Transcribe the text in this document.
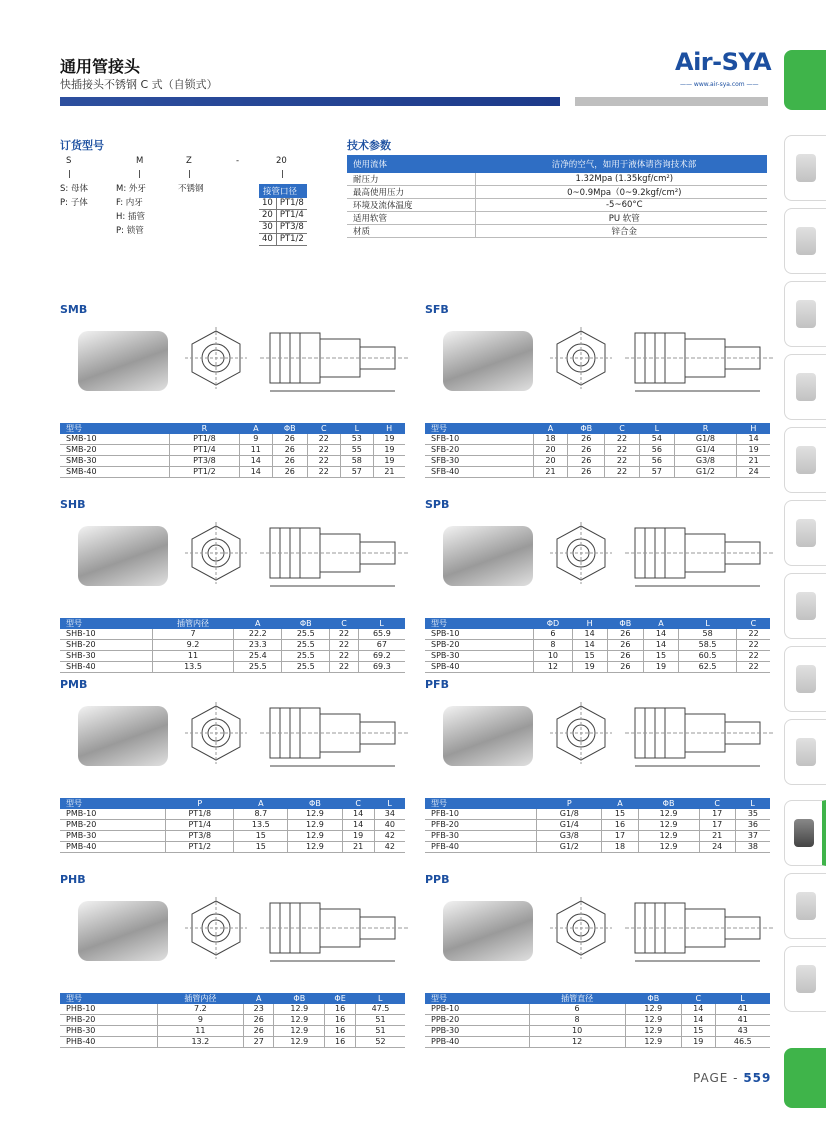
通用管接头
快插接头不锈钢 C 式（自锁式）
Air-SYA
—— www.air-sya.com ——
订货型号
S	M	Z	-	20
S: 母体
P: 子体
M: 外牙
F: 内牙
H: 插管
P: 锁管
不锈钢	接管口径	
10	PT1/8
20	PT1/4
30	PT3/8
40	PT1/2
技术参数
使用流体	洁净的空气，如用于液体请咨询技术部
耐压力	1.32Mpa (1.35kgf/cm²)
最高使用压力	0~0.9Mpa（0~9.2kgf/cm²)
环境及流体温度	-5~60°C
适用软管	PU 软管
材质	锌合金
SMB
型号	R	A	ΦB	C	L	H
SMB-10	PT1/8	9	26	22	53	19
SMB-20	PT1/4	11	26	22	55	19
SMB-30	PT3/8	14	26	22	58	19
SMB-40	PT1/2	14	26	22	57	21
SFB
型号	A	ΦB	C	L	R	H
SFB-10	18	26	22	54	G1/8	14
SFB-20	20	26	22	56	G1/4	19
SFB-30	20	26	22	56	G3/8	21
SFB-40	21	26	22	57	G1/2	24
SHB
型号	插管内径	A	ΦB	C	L
SHB-10	7	22.2	25.5	22	65.9
SHB-20	9.2	23.3	25.5	22	67
SHB-30	11	25.4	25.5	22	69.2
SHB-40	13.5	25.5	25.5	22	69.3
SPB
型号	ΦD	H	ΦB	A	L	C
SPB-10	6	14	26	14	58	22
SPB-20	8	14	26	14	58.5	22
SPB-30	10	15	26	15	60.5	22
SPB-40	12	19	26	19	62.5	22
PMB
型号	P	A	ΦB	C	L
PMB-10	PT1/8	8.7	12.9	14	34
PMB-20	PT1/4	13.5	12.9	14	40
PMB-30	PT3/8	15	12.9	19	42
PMB-40	PT1/2	15	12.9	21	42
PFB
型号	P	A	ΦB	C	L
PFB-10	G1/8	15	12.9	17	35
PFB-20	G1/4	16	12.9	17	36
PFB-30	G3/8	17	12.9	21	37
PFB-40	G1/2	18	12.9	24	38
PHB
型号	插管内径	A	ΦB	ΦE	L
PHB-10	7.2	23	12.9	16	47.5
PHB-20	9	26	12.9	16	51
PHB-30	11	26	12.9	16	51
PHB-40	13.2	27	12.9	16	52
PPB
型号	插管直径	ΦB	C	L
PPB-10	6	12.9	14	41
PPB-20	8	12.9	14	41
PPB-30	10	12.9	15	43
PPB-40	12	12.9	19	46.5
PAGE - 559
